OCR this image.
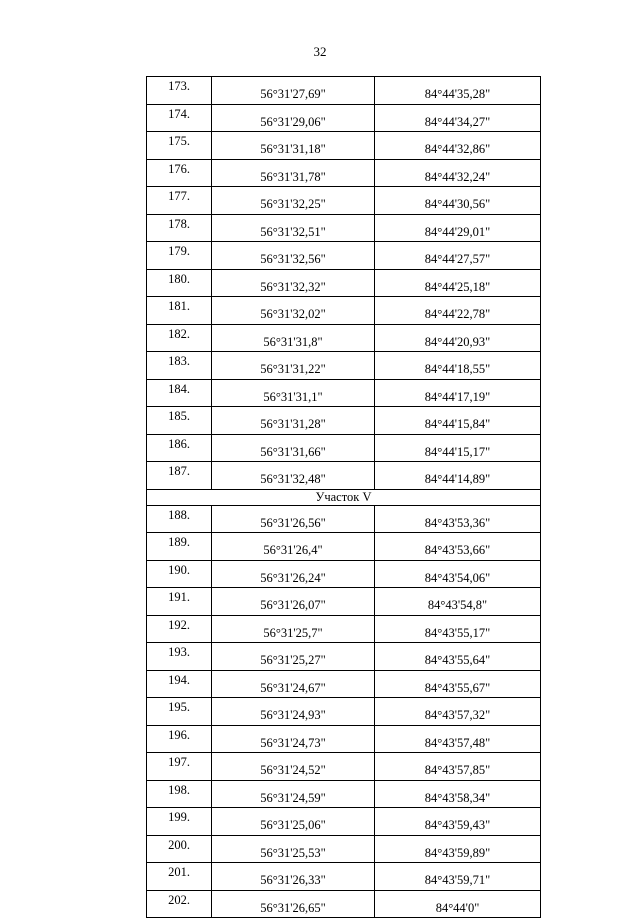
32
173.	56°31'27,69"	84°44'35,28"
174.	56°31'29,06"	84°44'34,27"
175.	56°31'31,18"	84°44'32,86"
176.	56°31'31,78"	84°44'32,24"
177.	56°31'32,25"	84°44'30,56"
178.	56°31'32,51"	84°44'29,01"
179.	56°31'32,56"	84°44'27,57"
180.	56°31'32,32"	84°44'25,18"
181.	56°31'32,02"	84°44'22,78"
182.	56°31'31,8"	84°44'20,93"
183.	56°31'31,22"	84°44'18,55"
184.	56°31'31,1"	84°44'17,19"
185.	56°31'31,28"	84°44'15,84"
186.	56°31'31,66"	84°44'15,17"
187.	56°31'32,48"	84°44'14,89"
Участок V		
188.	56°31'26,56"	84°43'53,36"
189.	56°31'26,4"	84°43'53,66"
190.	56°31'26,24"	84°43'54,06"
191.	56°31'26,07"	84°43'54,8"
192.	56°31'25,7"	84°43'55,17"
193.	56°31'25,27"	84°43'55,64"
194.	56°31'24,67"	84°43'55,67"
195.	56°31'24,93"	84°43'57,32"
196.	56°31'24,73"	84°43'57,48"
197.	56°31'24,52"	84°43'57,85"
198.	56°31'24,59"	84°43'58,34"
199.	56°31'25,06"	84°43'59,43"
200.	56°31'25,53"	84°43'59,89"
201.	56°31'26,33"	84°43'59,71"
202.	56°31'26,65"	84°44'0"
